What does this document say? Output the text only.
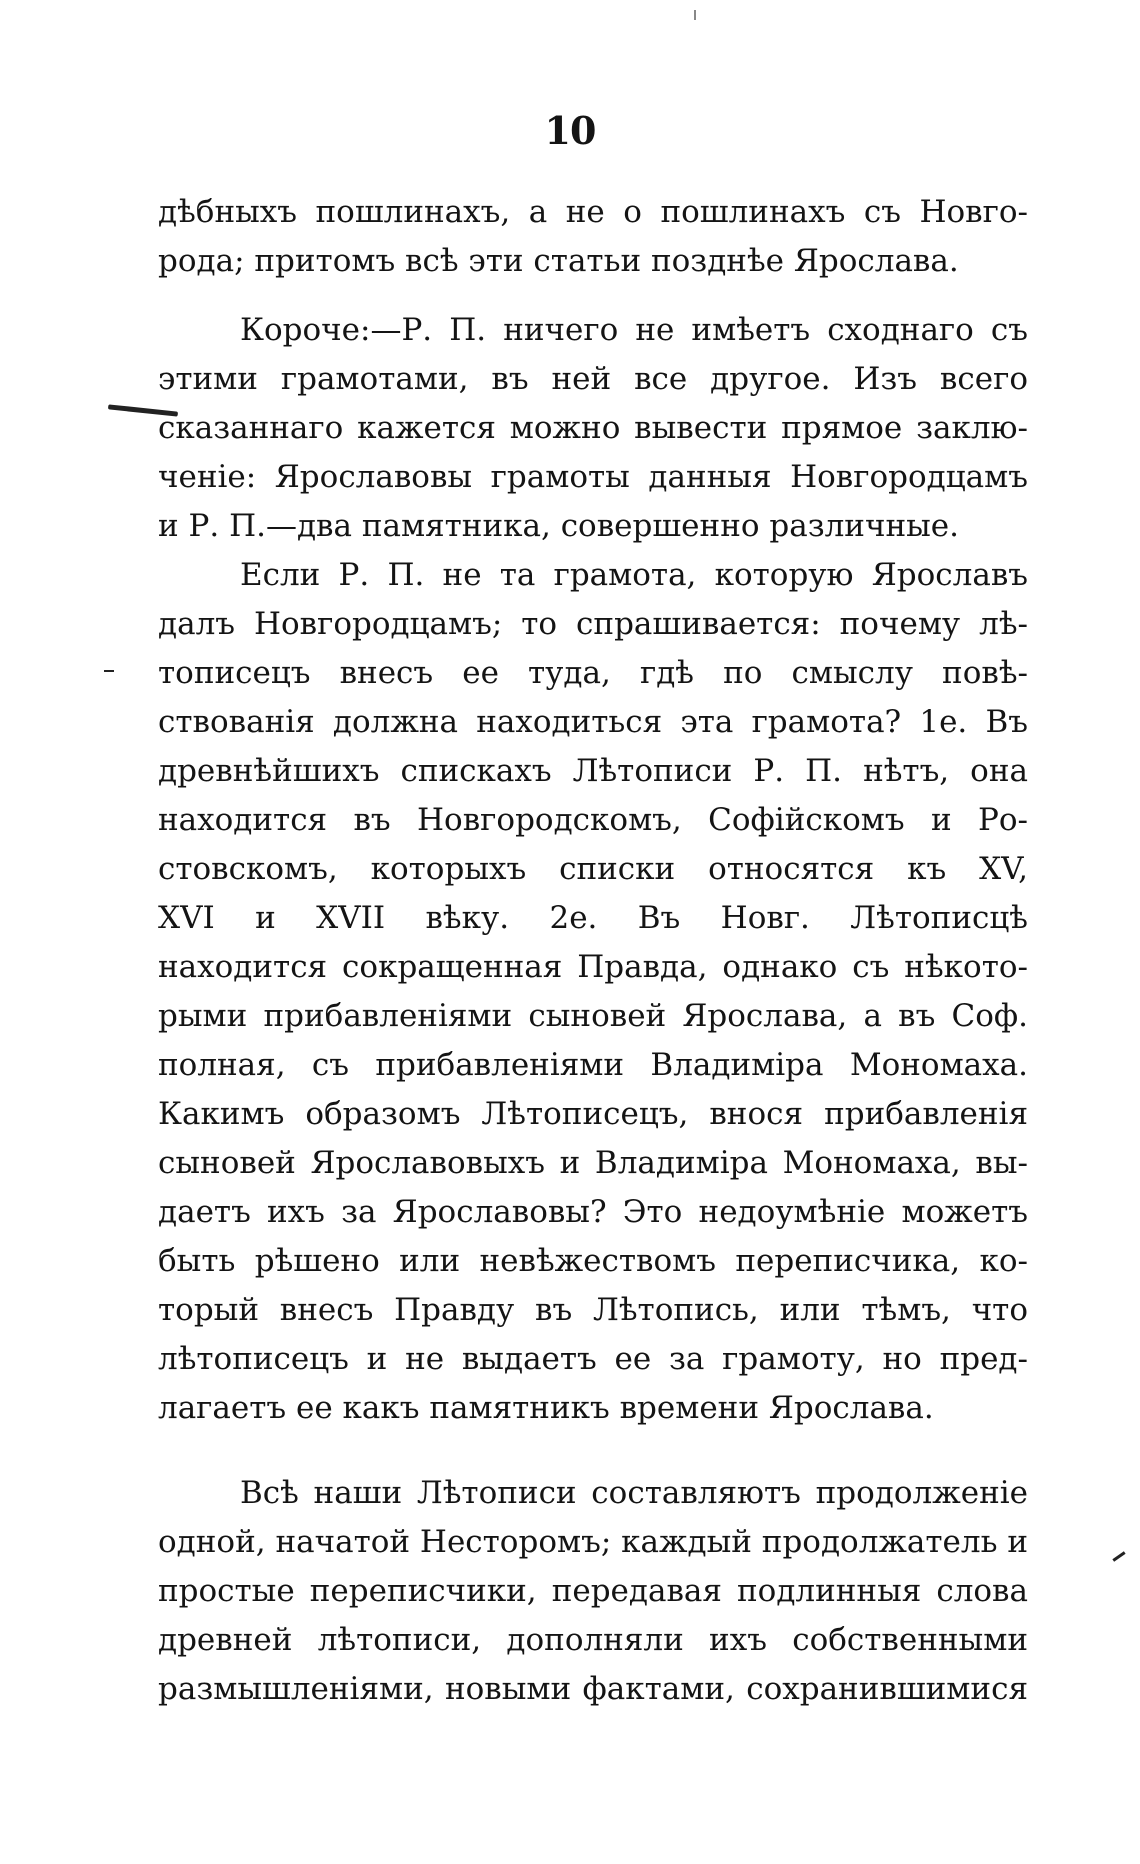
10
дѣбныхъ пошлинахъ, а не о пошлинахъ съ Новго-
рода; притомъ всѣ эти статьи позднѣе Ярослава.
Короче:—Р. П. ничего не имѣетъ сходнаго съ
этими грамотами, въ ней все другое. Изъ всего
сказаннаго кажется можно вывести прямое заклю-
ченіе: Ярославовы грамоты данныя Новгородцамъ
и Р. П.—два памятника, совершенно различные.
Если Р. П. не та грамота, которую Ярославъ
далъ Новгородцамъ; то спрашивается: почему лѣ-
тописецъ внесъ ее туда, гдѣ по смыслу повѣ-
ствованія должна находиться эта грамота? 1е. Въ
древнѣйшихъ спискахъ Лѣтописи Р. П. нѣтъ, она
находится въ Новгородскомъ, Софійскомъ и Ро-
стовскомъ, которыхъ списки относятся къ XV,
XVI и XVII вѣку. 2е. Въ Новг. Лѣтописцѣ
находится сокращенная Правда, однако съ нѣкото-
рыми прибавленіями сыновей Ярослава, а въ Соф.
полная, съ прибавленіями Владиміра Мономаха.
Какимъ образомъ Лѣтописецъ, внося прибавленія
сыновей Ярославовыхъ и Владиміра Мономаха, вы-
даетъ ихъ за Ярославовы? Это недоумѣніе можетъ
быть рѣшено или невѣжествомъ переписчика, ко-
торый внесъ Правду въ Лѣтопись, или тѣмъ, что
лѣтописецъ и не выдаетъ ее за грамоту, но пред-
лагаетъ ее какъ памятникъ времени Ярослава.
Всѣ наши Лѣтописи составляютъ продолженіе
одной, начатой Несторомъ; каждый продолжатель и
простые переписчики, передавая подлинныя слова
древней лѣтописи, дополняли ихъ собственными
размышленіями, новыми фактами, сохранившимися
